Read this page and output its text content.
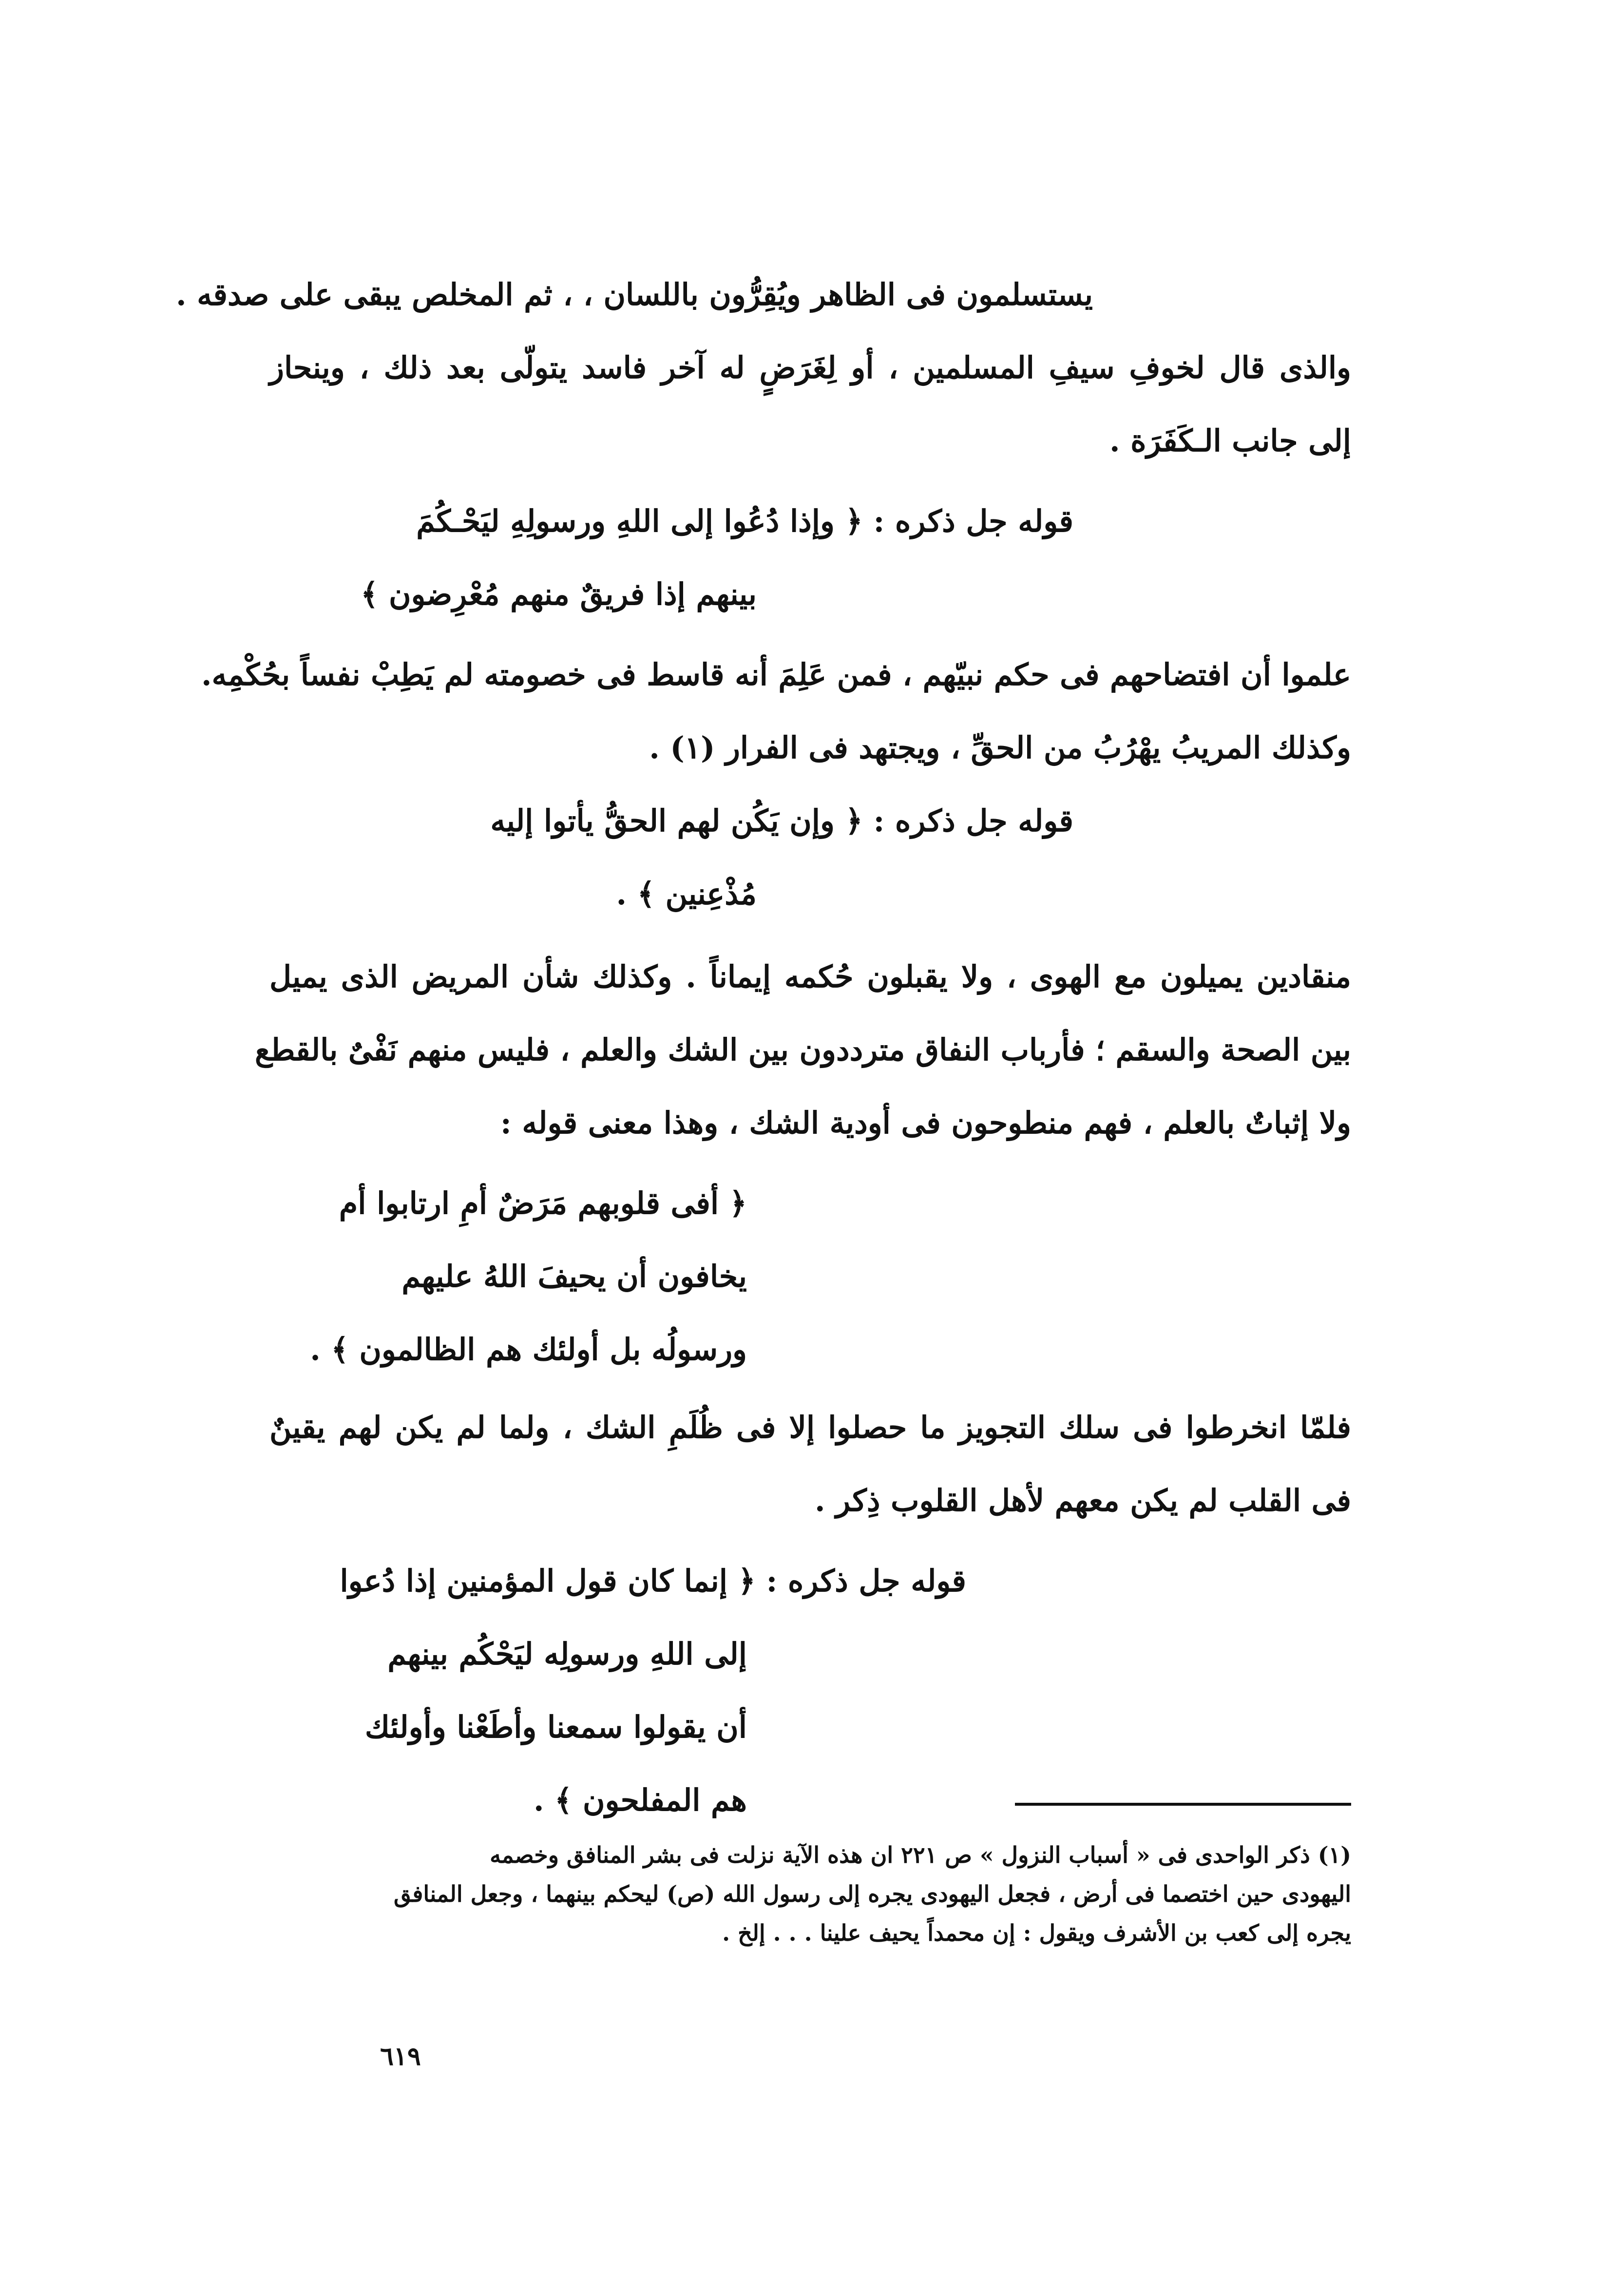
يستسلمون فى الظاهر ويُقِرُّون باللسان ، ، ثم المخلص يبقى على صدقه .
والذى قال لخوفِ سيفِ المسلمين ، أو لِغَرَضٍ له آخر فاسد يتولّى بعد ذلك ، وينحاز
إلى جانب الـكَفَرَة .
قوله جل ذكره : ﴿ وإذا دُعُوا إلى اللهِ ورسولِهِ ليَحْـكُمَ
بينهم إذا فريقٌ منهم مُعْرِضون ﴾
علموا أن افتضاحهم فى حكم نبيّهم ، فمن عَلِمَ أنه قاسط فى خصومته لم يَطِبْ نفساً بحُكْمِه.
وكذلك المريبُ يهْرُبُ من الحقِّ ، ويجتهد فى الفرار (١) .
قوله جل ذكره : ﴿ وإن يَكُن لهم الحقُّ يأتوا إليه
مُذْعِنين ﴾ .
منقادين يميلون مع الهوى ، ولا يقبلون حُكمه إيماناً . وكذلك شأن المريض الذى يميل
بين الصحة والسقم ؛ فأرباب النفاق مترددون بين الشك والعلم ، فليس منهم نَفْىٌ بالقطع
ولا إثباتٌ بالعلم ، فهم منطوحون فى أودية الشك ، وهذا معنى قوله :
﴿ أفى قلوبهم مَرَضٌ أمِ ارتابوا أم
يخافون أن يحيفَ اللهُ عليهم
ورسولُه بل أولئك هم الظالمون ﴾ .
فلمّا انخرطوا فى سلك التجويز ما حصلوا إلا فى ظُلَمِ الشك ، ولما لم يكن لهم يقينٌ
فى القلب لم يكن معهم لأهل القلوب ذِكر .
قوله جل ذكره : ﴿ إنما كان قول المؤمنين إذا دُعوا
إلى اللهِ ورسولِه ليَحْكُم بينهم
أن يقولوا سمعنا وأطَعْنا وأولئك
هم المفلحون ﴾ .
(١) ذكر الواحدى فى « أسباب النزول » ص ٢٢١ ان هذه الآية نزلت فى بشر المنافق وخصمه
اليهودى حين اختصما فى أرض ، فجعل اليهودى يجره إلى رسول الله (ص) ليحكم بينهما ، وجعل المنافق
يجره إلى كعب بن الأشرف ويقول : إن محمداً يحيف علينا . . . إلخ .
٦١٩
